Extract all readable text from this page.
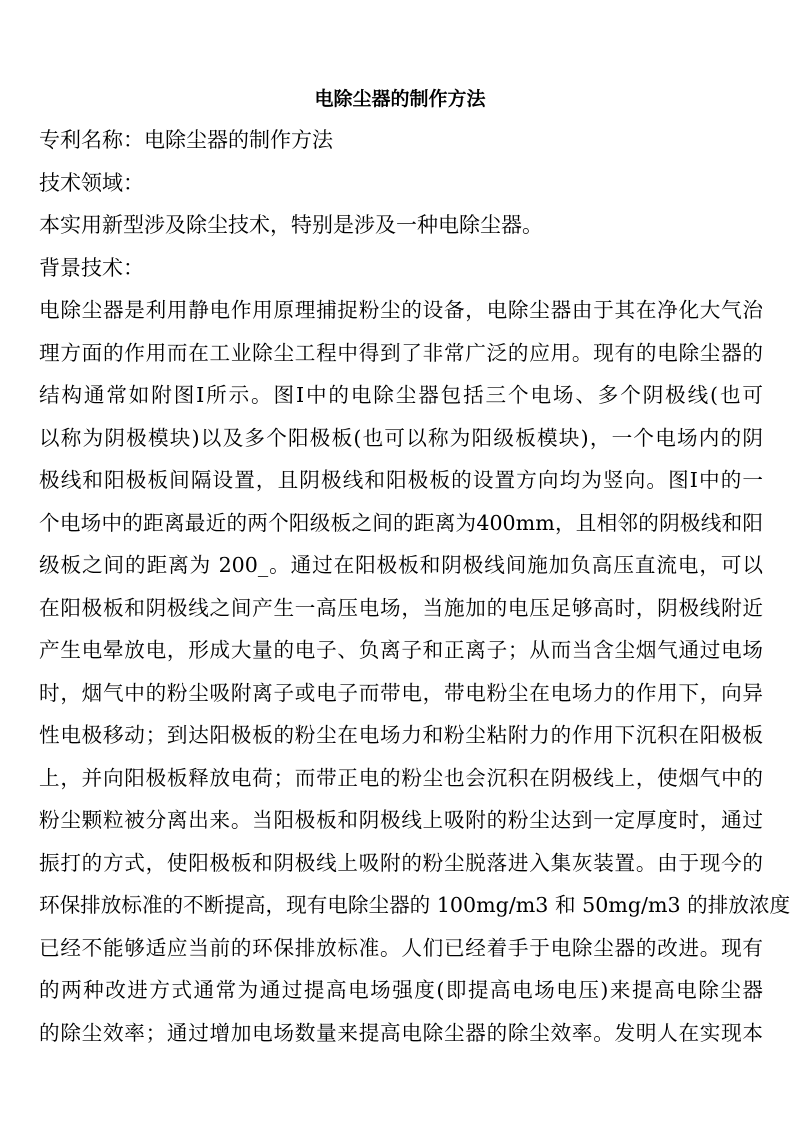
电除尘器的制作方法
专利名称：电除尘器的制作方法
技术领域：
本实用新型涉及除尘技术，特别是涉及一种电除尘器。
背景技术：
电除尘器是利用静电作用原理捕捉粉尘的设备，电除尘器由于其在净化大气治
理方面的作用而在工业除尘工程中得到了非常广泛的应用。现有的电除尘器的
结构通常如附图I所示。图I中的电除尘器包括三个电场、多个阴极线(也可
以称为阴极模块)以及多个阳极板(也可以称为阳级板模块)，一个电场内的阴
极线和阳极板间隔设置，且阴极线和阳极板的设置方向均为竖向。图I中的一
个电场中的距离最近的两个阳级板之间的距离为400mm，且相邻的阴极线和阳
级板之间的距离为 200_。通过在阳极板和阴极线间施加负高压直流电，可以
在阳极板和阴极线之间产生一高压电场，当施加的电压足够高时，阴极线附近
产生电晕放电，形成大量的电子、负离子和正离子；从而当含尘烟气通过电场
时，烟气中的粉尘吸附离子或电子而带电，带电粉尘在电场力的作用下，向异
性电极移动；到达阳极板的粉尘在电场力和粉尘粘附力的作用下沉积在阳极板
上，并向阳极板释放电荷；而带正电的粉尘也会沉积在阴极线上，使烟气中的
粉尘颗粒被分离出来。当阳极板和阴极线上吸附的粉尘达到一定厚度时，通过
振打的方式，使阳极板和阴极线上吸附的粉尘脱落进入集灰装置。由于现今的
环保排放标准的不断提高，现有电除尘器的 100mg/m3 和 50mg/m3 的排放浓度
已经不能够适应当前的环保排放标准。人们已经着手于电除尘器的改进。现有
的两种改进方式通常为通过提高电场强度(即提高电场电压)来提高电除尘器
的除尘效率；通过增加电场数量来提高电除尘器的除尘效率。发明人在实现本
